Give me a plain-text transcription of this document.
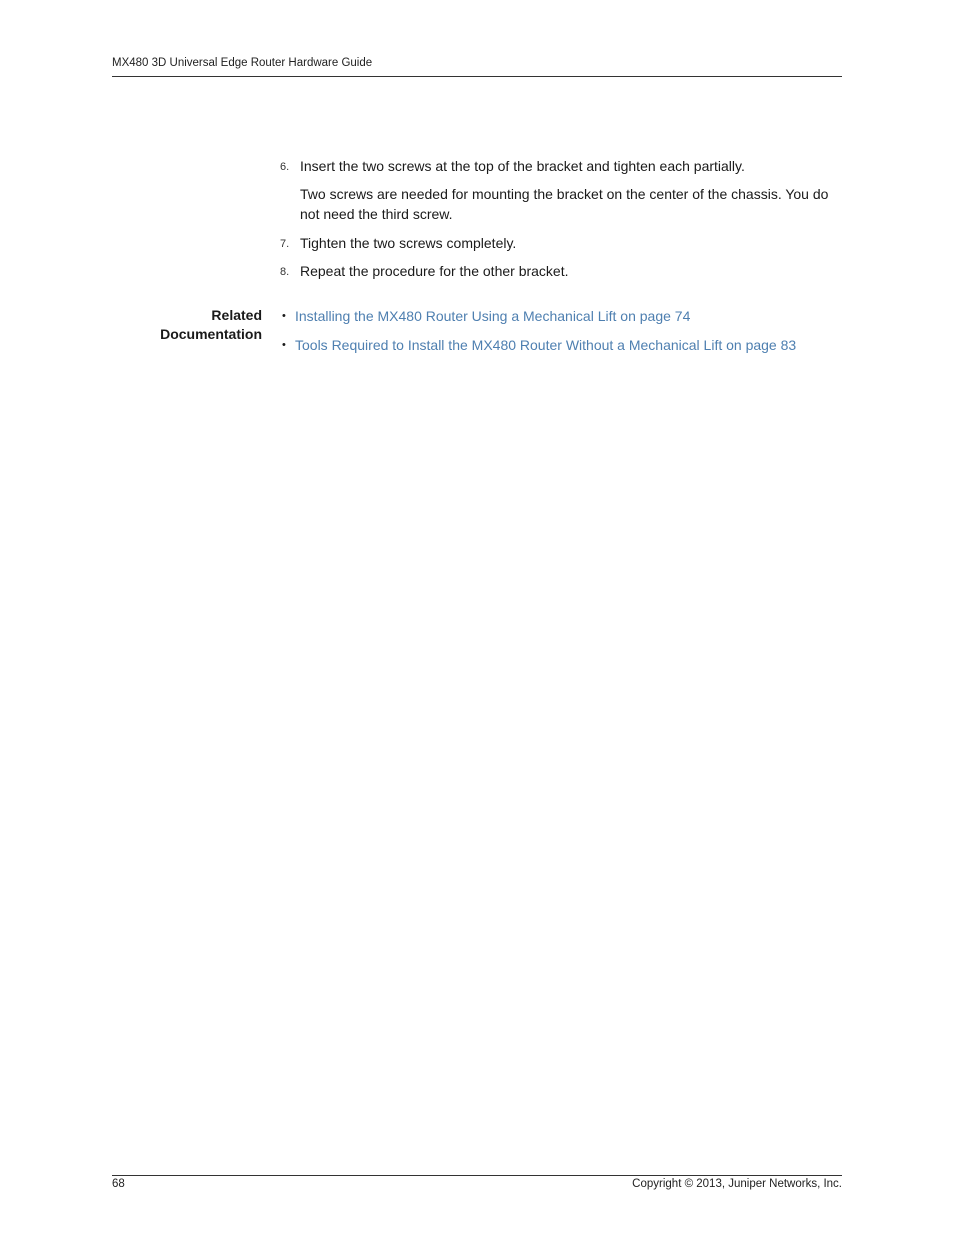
MX480 3D Universal Edge Router Hardware Guide
6. Insert the two screws at the top of the bracket and tighten each partially.
Two screws are needed for mounting the bracket on the center of the chassis. You do not need the third screw.
7. Tighten the two screws completely.
8. Repeat the procedure for the other bracket.
Related
Documentation
• Installing the MX480 Router Using a Mechanical Lift on page 74
• Tools Required to Install the MX480 Router Without a Mechanical Lift on page 83
68	Copyright © 2013, Juniper Networks, Inc.
